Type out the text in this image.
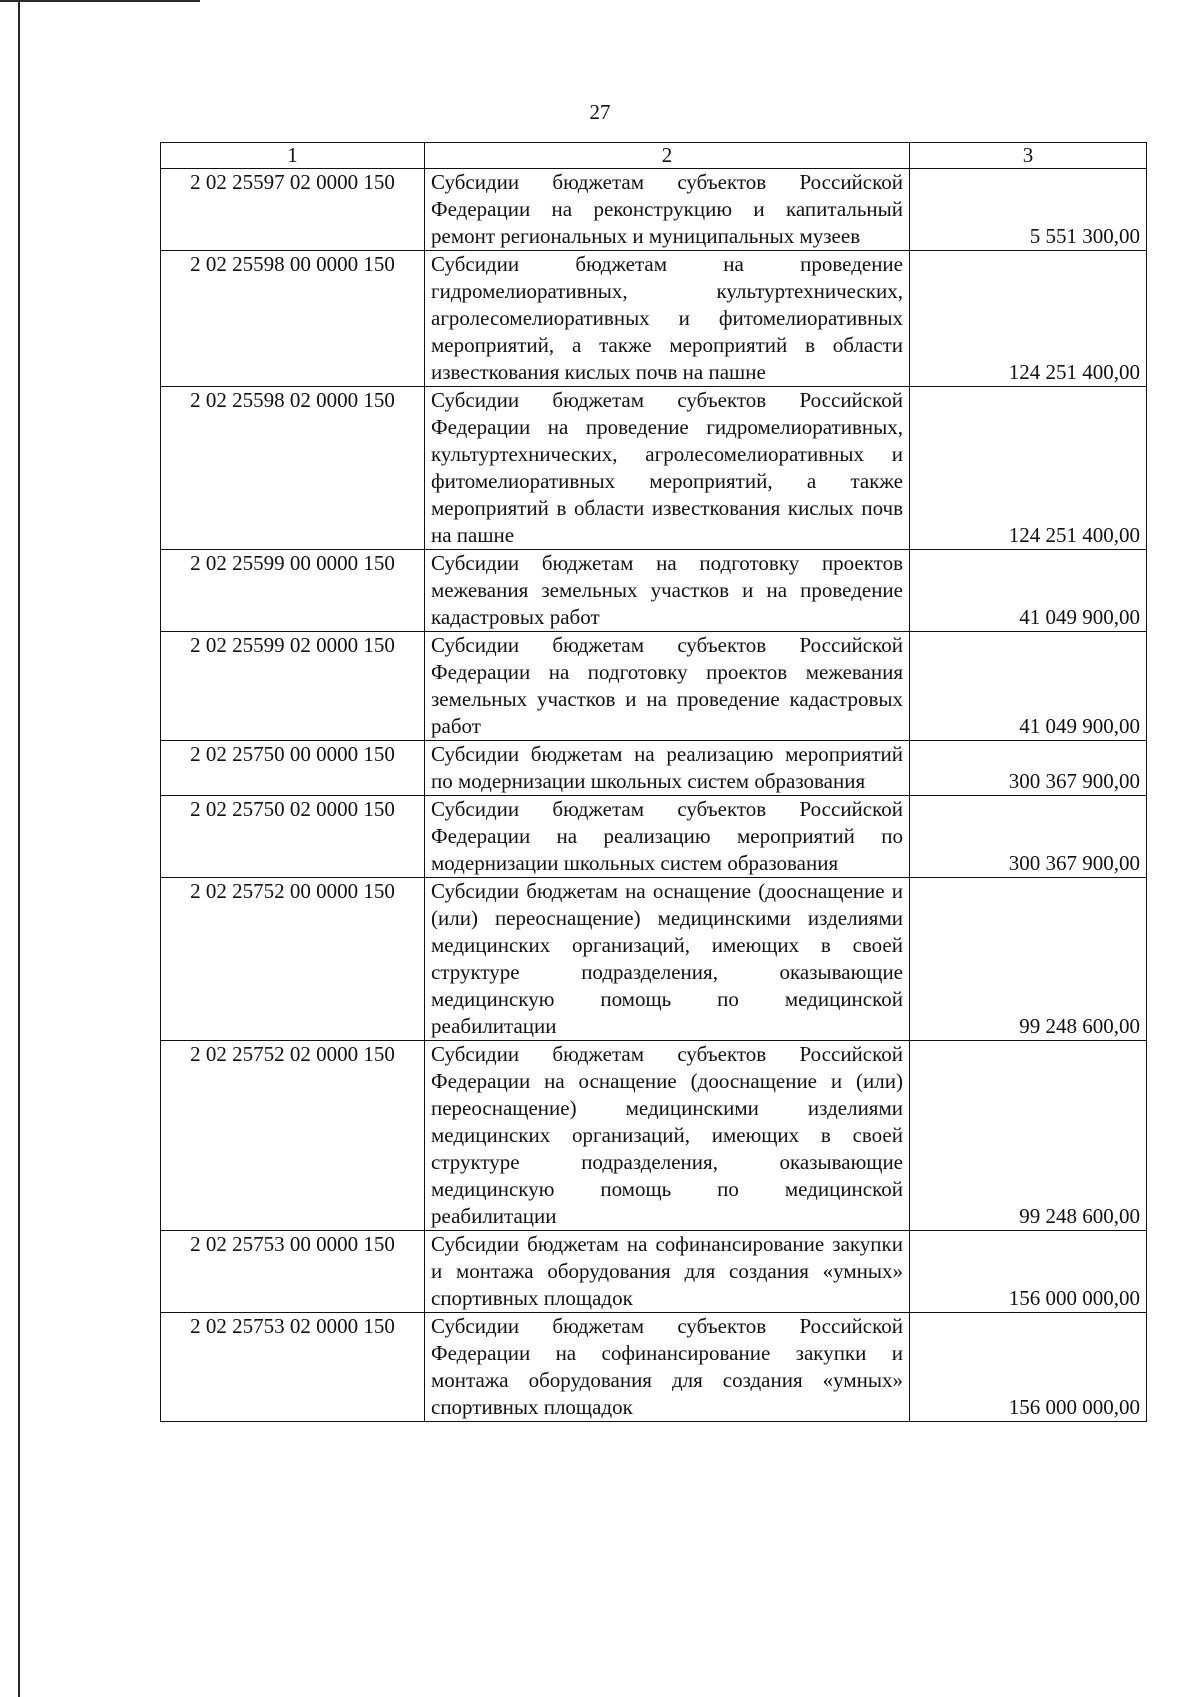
27
1	2	3
2 02 25597 02 0000 150	Субсидии бюджетам субъектов Российской Федерации на реконструкцию и капитальный ремонт региональных и муниципальных музеев	5 551 300,00
2 02 25598 00 0000 150	Субсидии бюджетам на проведение гидромелиоративных, культуртехнических, агролесомелиоративных и фитомелиоративных мероприятий, а также мероприятий в области известкования кислых почв на пашне	124 251 400,00
2 02 25598 02 0000 150	Субсидии бюджетам субъектов Российской Федерации на проведение гидромелиоративных, культуртехнических, агролесомелиоративных и фитомелиоративных мероприятий, а также мероприятий в области известкования кислых почв на пашне	124 251 400,00
2 02 25599 00 0000 150	Субсидии бюджетам на подготовку проектов межевания земельных участков и на проведение кадастровых работ	41 049 900,00
2 02 25599 02 0000 150	Субсидии бюджетам субъектов Российской Федерации на подготовку проектов межевания земельных участков и на проведение кадастровых работ	41 049 900,00
2 02 25750 00 0000 150	Субсидии бюджетам на реализацию мероприятий по модернизации школьных систем образования	300 367 900,00
2 02 25750 02 0000 150	Субсидии бюджетам субъектов Российской Федерации на реализацию мероприятий по модернизации школьных систем образования	300 367 900,00
2 02 25752 00 0000 150	Субсидии бюджетам на оснащение (дооснащение и (или) переоснащение) медицинскими изделиями медицинских организаций, имеющих в своей структуре подразделения, оказывающие медицинскую помощь по медицинской реабилитации	99 248 600,00
2 02 25752 02 0000 150	Субсидии бюджетам субъектов Российской Федерации на оснащение (дооснащение и (или) переоснащение) медицинскими изделиями медицинских организаций, имеющих в своей структуре подразделения, оказывающие медицинскую помощь по медицинской реабилитации	99 248 600,00
2 02 25753 00 0000 150	Субсидии бюджетам на софинансирование закупки и монтажа оборудования для создания «умных» спортивных площадок	156 000 000,00
2 02 25753 02 0000 150	Субсидии бюджетам субъектов Российской Федерации на софинансирование закупки и монтажа оборудования для создания «умных» спортивных площадок	156 000 000,00
